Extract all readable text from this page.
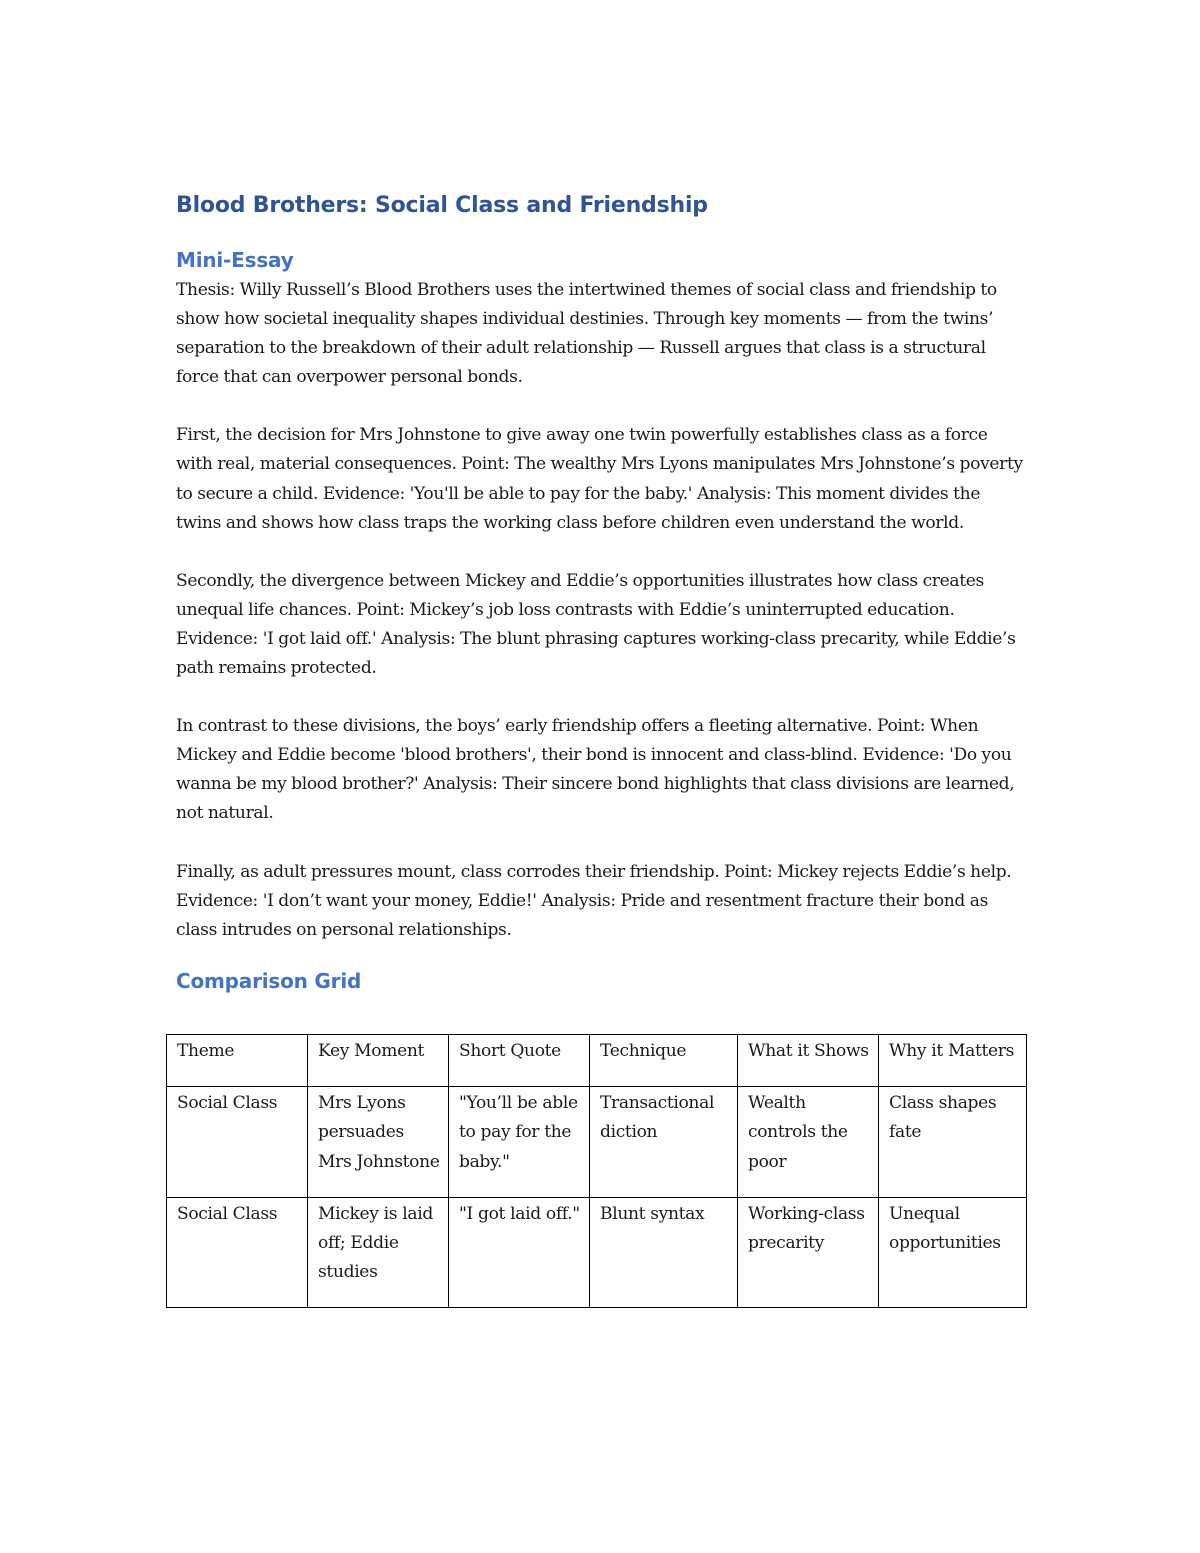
Blood Brothers: Social Class and Friendship
Mini-Essay

Thesis: Willy Russell’s Blood Brothers uses the intertwined themes of social class and friendship to show how societal inequality shapes individual destinies. Through key moments — from the twins’ separation to the breakdown of their adult relationship — Russell argues that class is a structural force that can overpower personal bonds.

First, the decision for Mrs Johnstone to give away one twin powerfully establishes class as a force with real, material consequences. Point: The wealthy Mrs Lyons manipulates Mrs Johnstone’s poverty to secure a child. Evidence: 'You'll be able to pay for the baby.' Analysis: This moment divides the twins and shows how class traps the working class before children even understand the world.

Secondly, the divergence between Mickey and Eddie’s opportunities illustrates how class creates unequal life chances. Point: Mickey’s job loss contrasts with Eddie’s uninterrupted education. Evidence: 'I got laid off.' Analysis: The blunt phrasing captures working-class precarity, while Eddie’s path remains protected.

In contrast to these divisions, the boys’ early friendship offers a fleeting alternative. Point: When Mickey and Eddie become 'blood brothers', their bond is innocent and class-blind. Evidence: 'Do you wanna be my blood brother?' Analysis: Their sincere bond highlights that class divisions are learned, not natural.

Finally, as adult pressures mount, class corrodes their friendship. Point: Mickey rejects Eddie’s help. Evidence: 'I don’t want your money, Eddie!' Analysis: Pride and resentment fracture their bond as class intrudes on personal relationships.

Comparison Grid
Theme	Key Moment	Short Quote	Technique	What it Shows	Why it Matters
Social Class	Mrs Lyons persuades Mrs Johnstone	"You’ll be able to pay for the baby."	Transactional diction	Wealth controls the poor	Class shapes fate
Social Class	Mickey is laid off; Eddie studies	"I got laid off."	Blunt syntax	Working-class precarity	Unequal opportunities
